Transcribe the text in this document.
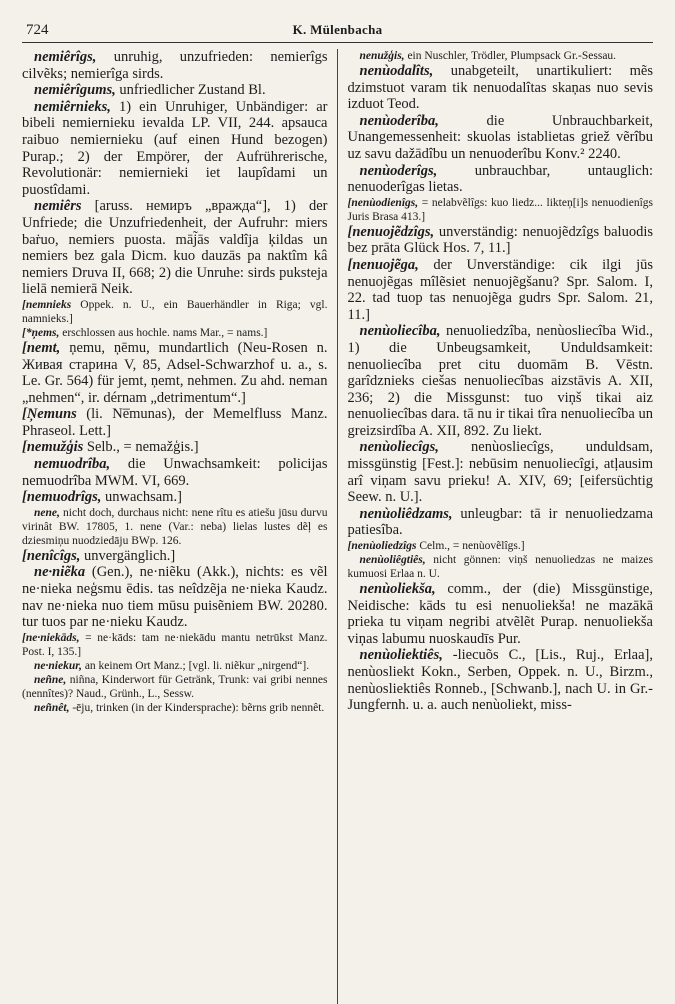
724	K. Mülenbacha

nemiêrîgs, unruhig, unzufrieden: nemierîgs cilvẽks; nemierîga sirds.

nemiêrîgums, unfriedlicher Zustand Bl.

nemiêrnieks, 1) ein Unruhiger, Unbändiger: ar bibeli nemiernieku ievalda LP. VII, 244. apsauca raibuo nemiernieku (auf einen Hund bezogen) Purap.; 2) der Empörer, der Aufrührerische, Revolutionär: nemiernieki iet laupîdami un puostîdami.

nemiêrs [aruss. немиръ „вражда“], 1) der Unfriede; die Unzufriedenheit, der Aufruhr: miers baṙuo, nemiers puosta. māj̃ās valdîja ķildas un nemiers bez gala Dicm. kuo dauzās pa naktîm kâ nemiers Druva II, 668; 2) die Unruhe: sirds puksteja lielā nemierā Neik.

[nemnieks Oppek. n. U., ein Bauerhändler in Riga; vgl. namnieks.]

[*ņems, erschlossen aus hochle. nams Mar., = nams.]

[nemt, ņemu, ņēmu, mundartlich (Neu-Rosen n. Живая старина V, 85, Adsel-Schwarzhof u. a., s. Le. Gr. 564) für jemt, ņemt, nehmen. Zu ahd. neman „nehmen“, ir. dérnam „detrimentum“.]

[Ņemuns (li. Ne̅munas), der Memelfluss Manz. Phraseol. Lett.]

[nemužģis Selb., = nemažģis.]

nemuodrîba, die Unwachsamkeit: policijas nemuodrîba MWM. VI, 669.

[nemuodrîgs, unwachsam.]

nene, nicht doch, durchaus nicht: nene rîtu es atiešu jūsu durvu virinât BW. 17805, 1. nene (Var.: neba) lielas lustes dẽļ es dziesmiņu nuodziedāju BWp. 126.

[nenîcîgs, unvergänglich.]

ne·niẽka (Gen.), ne·niẽku (Akk.), nichts: es vẽl ne·nieka neģsmu ēdis. tas neîdzẽja ne·nieka Kaudz. nav ne·nieka nuo tiem mūsu puisẽniem BW. 20280. tur tuos par ne·nieku Kaudz.

[ne·niekāds, = ne·kāds: tam ne·niekādu mantu netrūkst Manz. Post. I, 135.]

ne·niekur, an keinem Ort Manz.; [vgl. li. niẽkur „nirgend“].

neñne, niñna, Kinderwort für Getränk, Trunk: vai gribi nennes (nennîtes)? Naud., Grünh., L., Sessw.

neñnêt, -ēju, trinken (in der Kindersprache): bẽrns grib nennêt.

nenužģis, ein Nuschler, Trödler, Plumpsack Gr.-Sessau.

nenùodalîts, unabgeteilt, unartikuliert: mẽs dzimstuot varam tik nenuodalîtas skaņas nuo sevis izduot Teod.

nenùoderîba,	die Unbrauchbarkeit, Unangemessenheit: skuolas istablietas griež vẽrîbu uz savu dažādîbu un nenuoderîbu Konv.² 2240.

nenùoderîgs,	unbrauchbar, untauglich: nenuoderîgas lietas.

[nenùodienîgs, = nelabvẽlîgs: kuo liedz... likteņ[i]s nenuodienîgs Juris Brasa 413.]

[nenuojẽdzîgs, unverständig: nenuojẽdzîgs baluodis bez prāta Glück Hos. 7, 11.]

[nenuojẽga, der Unverständige: cik ilgi jūs nenuojẽgas mîlẽsiet nenuojẽgšanu? Spr. Salom. I, 22. tad tuop tas nenuojẽga gudrs Spr. Salom. 21, 11.]

nenùoliecîba, nenuoliedzîba, nenùosliecîba Wid., 1) die Unbeugsamkeit, Unduldsamkeit: nenuoliecîba pret citu duomām B. Vēstn. garîdznieks ciešas nenuoliecîbas aizstāvis A. XII, 236; 2) die Missgunst: tuo viņš tikai aiz nenuoliecîbas dara. tā nu ir tikai tîra nenuoliecîba un greizsirdîba A. XII, 892. Zu liekt.

nenùoliecîgs, nenùosliecîgs, unduldsam, missgünstig [Fest.]: nebūsim nenuoliecîgi, atļausim arî viņam savu prieku! A. XIV, 69; [eifersüchtig Seew. n. U.].

nenùoliêdzams, unleugbar: tā ir nenuoliedzama patiesîba.

[nenùoliedzîgs Celm., = nenùovẽlîgs.]

nenùoliêgtiês, nicht gönnen: viņš nenuoliedzas ne maizes kumuosi Erlaa n. U.

nenùoliekša, comm., der (die) Missgünstige, Neidische: kāds tu esi nenuoliekša! ne mazākā prieka tu viņam negribi atvẽlẽt Purap. nenuoliekša viņas labumu nuoskaudīs Pur.

nenùoliektiês, -liecuõs C., [Lis., Ruj., Erlaa], nenùosliekt Kokn., Serben, Oppek. n. U., Birzm., nenùosliektiês Ronneb., [Schwanb.], nach U. in Gr.-Jungfernh. u. a. auch nenùoliekt, miss-
